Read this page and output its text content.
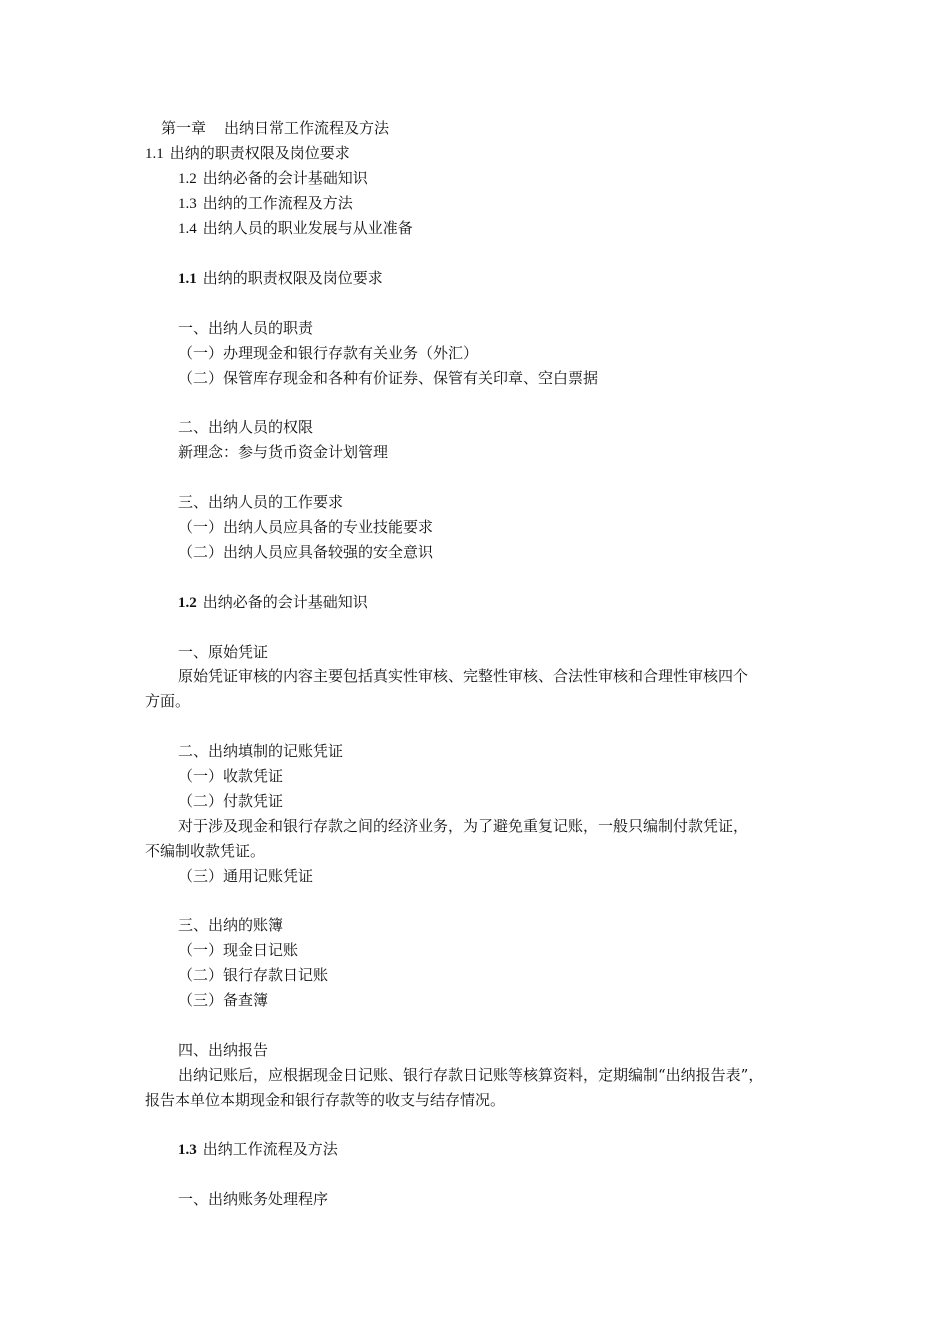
第一章 出纳日常工作流程及方法
1.1 出纳的职责权限及岗位要求
1.2 出纳必备的会计基础知识
1.3 出纳的工作流程及方法
1.4 出纳人员的职业发展与从业准备
1.1 出纳的职责权限及岗位要求
一、出纳人员的职责
（一）办理现金和银行存款有关业务（外汇）
（二）保管库存现金和各种有价证券、保管有关印章、空白票据
二、出纳人员的权限
新理念：参与货币资金计划管理
三、出纳人员的工作要求
（一）出纳人员应具备的专业技能要求
（二）出纳人员应具备较强的安全意识
1.2 出纳必备的会计基础知识
一、原始凭证
原始凭证审核的内容主要包括真实性审核、完整性审核、合法性审核和合理性审核四个
方面。
二、出纳填制的记账凭证
（一）收款凭证
（二）付款凭证
对于涉及现金和银行存款之间的经济业务，为了避免重复记账，一般只编制付款凭证，
不编制收款凭证。
（三）通用记账凭证
三、出纳的账簿
（一）现金日记账
（二）银行存款日记账
（三）备查簿
四、出纳报告
出纳记账后，应根据现金日记账、银行存款日记账等核算资料，定期编制“出纳报告表”，
报告本单位本期现金和银行存款等的收支与结存情况。
1.3 出纳工作流程及方法
一、出纳账务处理程序
